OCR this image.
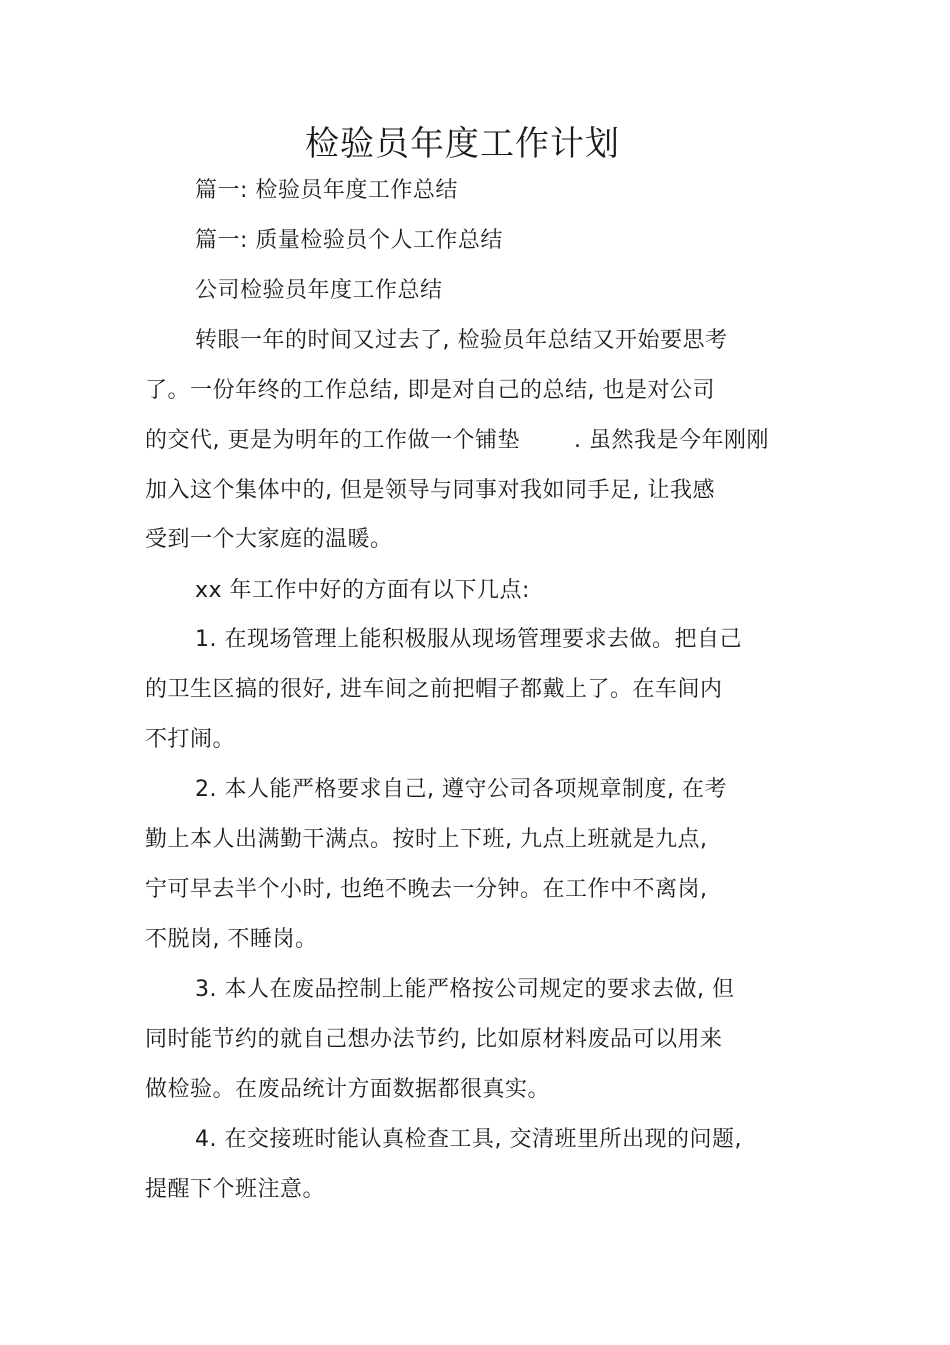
检验员年度工作计划
篇一: 检验员年度工作总结
篇一: 质量检验员个人工作总结
公司检验员年度工作总结
转眼一年的时间又过去了, 检验员年总结又开始要思考
了。一份年终的工作总结, 即是对自己的总结, 也是对公司
的交代, 更是为明年的工作做一个铺垫 . 虽然我是今年刚刚
加入这个集体中的, 但是领导与同事对我如同手足, 让我感
受到一个大家庭的温暖。
xx 年工作中好的方面有以下几点:
1. 在现场管理上能积极服从现场管理要求去做。把自己
的卫生区搞的很好, 进车间之前把帽子都戴上了。在车间内
不打闹。
2. 本人能严格要求自己, 遵守公司各项规章制度, 在考
勤上本人出满勤干满点。按时上下班, 九点上班就是九点,
宁可早去半个小时, 也绝不晚去一分钟。在工作中不离岗,
不脱岗, 不睡岗。
3. 本人在废品控制上能严格按公司规定的要求去做, 但
同时能节约的就自己想办法节约, 比如原材料废品可以用来
做检验。在废品统计方面数据都很真实。
4. 在交接班时能认真检查工具, 交清班里所出现的问题,
提醒下个班注意。
